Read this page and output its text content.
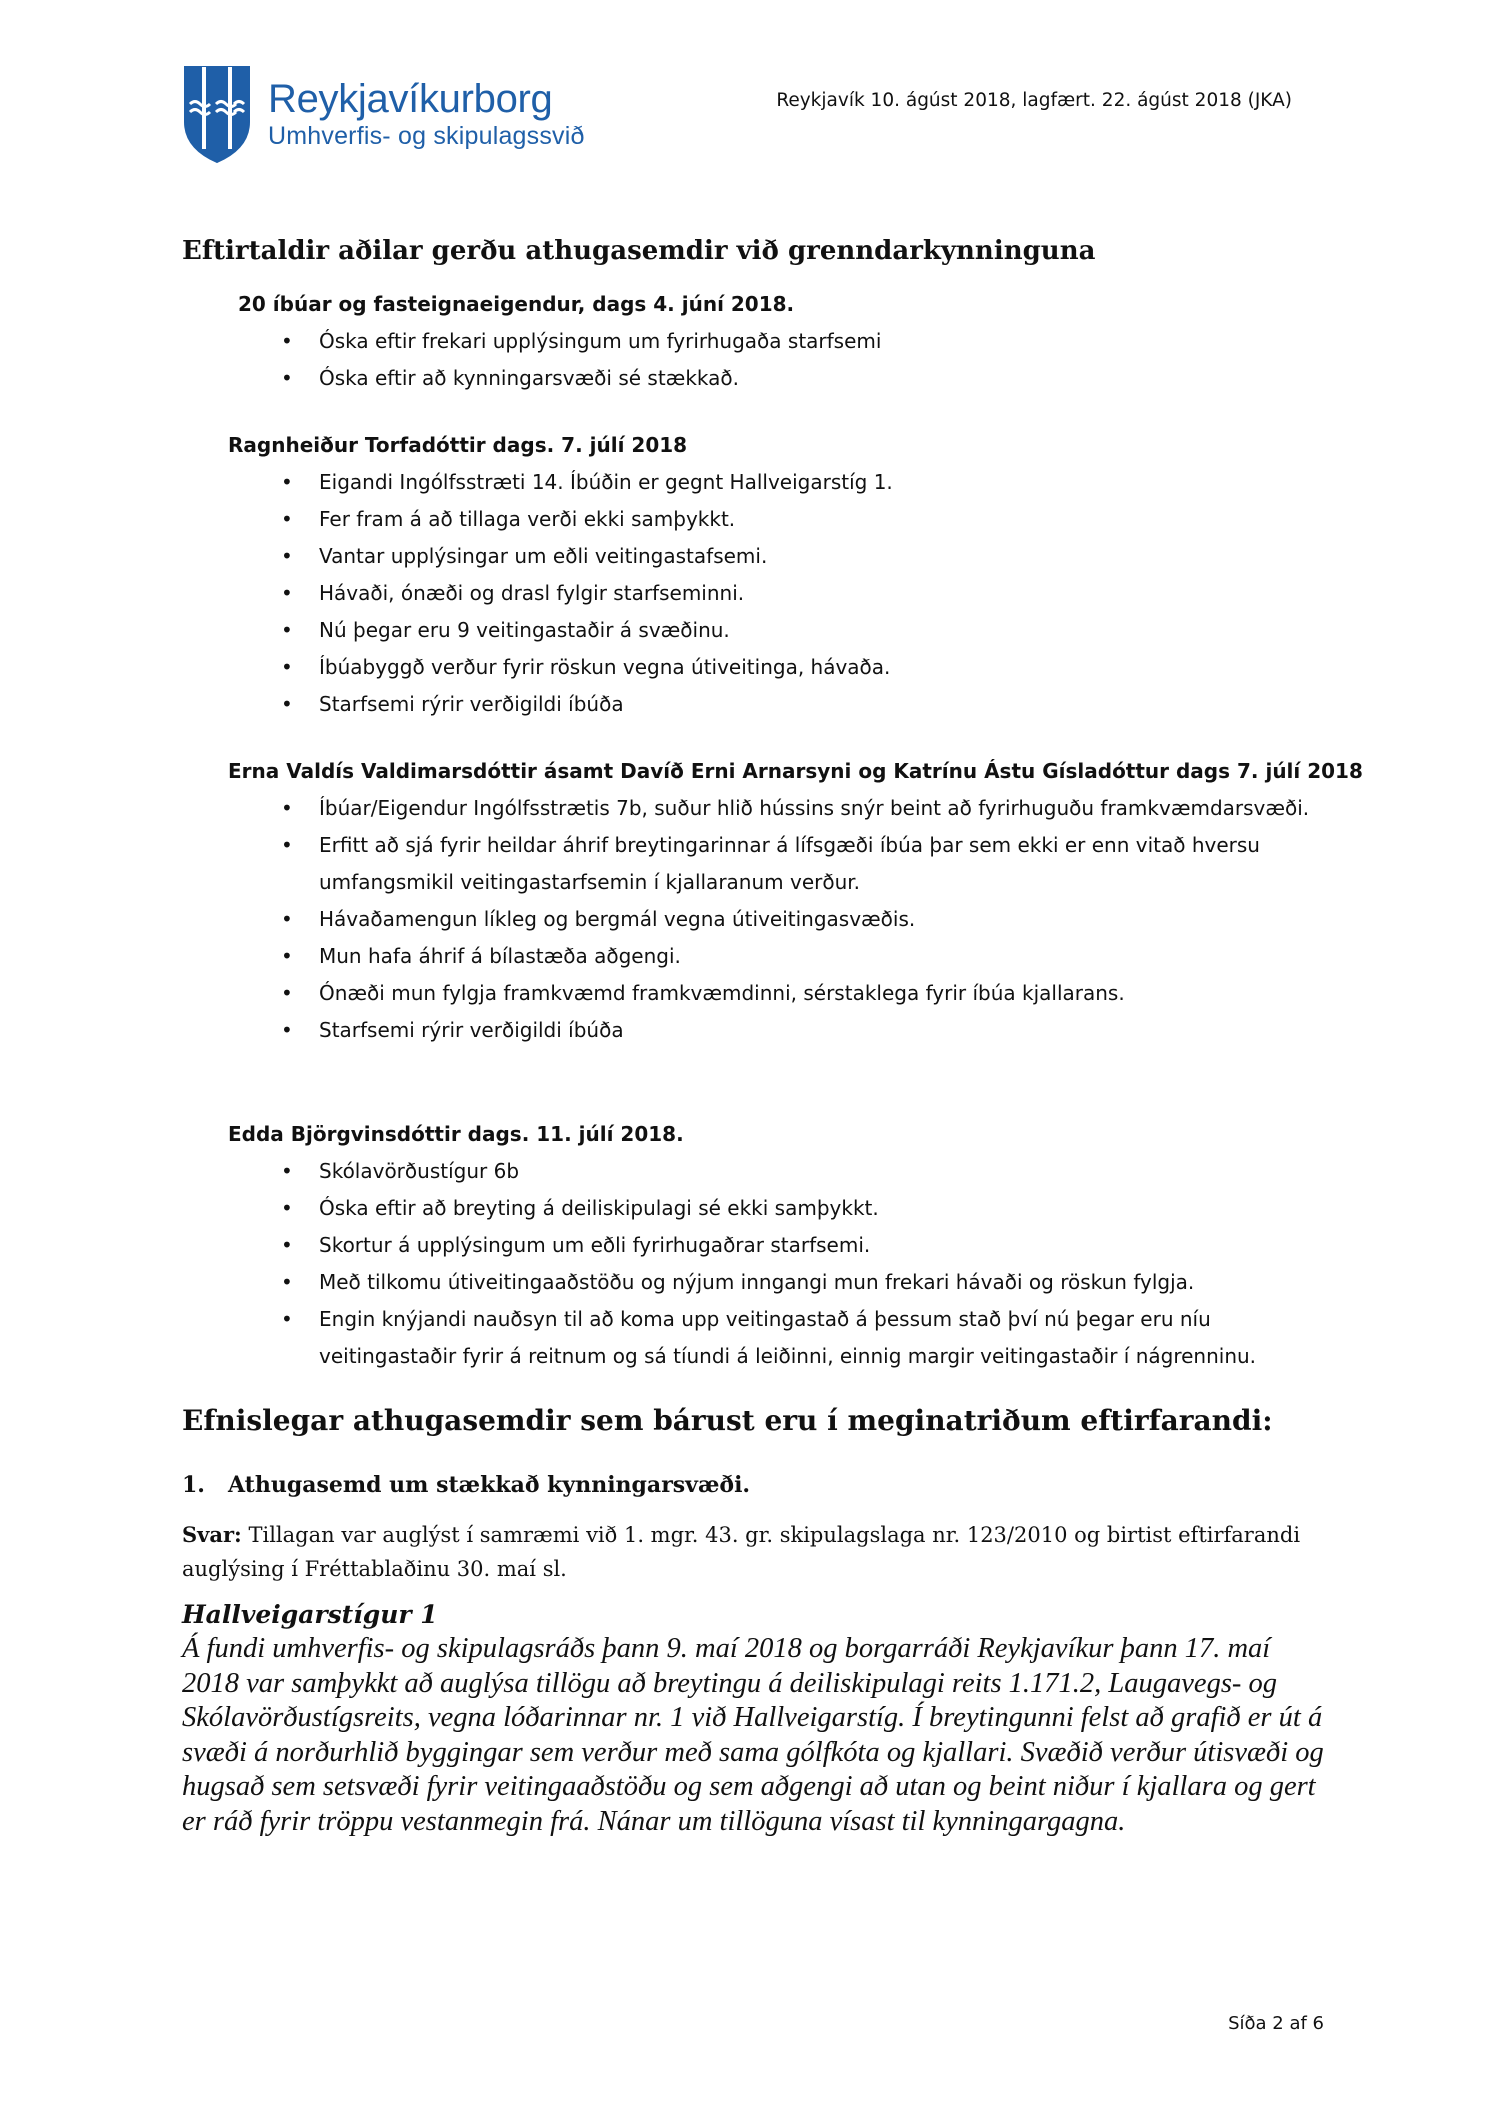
Reykjavíkurborg
Umhverfis- og skipulagssvið
Reykjavík 10. ágúst 2018, lagfært. 22. ágúst 2018 (JKA)
Eftirtaldir aðilar gerðu athugasemdir við grenndarkynninguna
20 íbúar og fasteignaeigendur, dags 4. júní 2018.
• Óska eftir frekari upplýsingum um fyrirhugaða starfsemi
• Óska eftir að kynningarsvæði sé stækkað.
Ragnheiður Torfadóttir dags. 7. júlí 2018
• Eigandi Ingólfsstræti 14. Íbúðin er gegnt Hallveigarstíg 1.
• Fer fram á að tillaga verði ekki samþykkt.
• Vantar upplýsingar um eðli veitingastafsemi.
• Hávaði, ónæði og drasl fylgir starfseminni.
• Nú þegar eru 9 veitingastaðir á svæðinu.
• Íbúabyggð verður fyrir röskun vegna útiveitinga, hávaða.
• Starfsemi rýrir verðigildi íbúða
Erna Valdís Valdimarsdóttir ásamt Davíð Erni Arnarsyni og Katrínu Ástu Gísladóttur dags 7. júlí 2018
• Íbúar/Eigendur Ingólfsstrætis 7b, suður hlið hússins snýr beint að fyrirhuguðu framkvæmdarsvæði.
• Erfitt að sjá fyrir heildar áhrif breytingarinnar á lífsgæði íbúa þar sem ekki er enn vitað hversu umfangsmikil veitingastarfsemin í kjallaranum verður.
• Hávaðamengun líkleg og bergmál vegna útiveitingasvæðis.
• Mun hafa áhrif á bílastæða aðgengi.
• Ónæði mun fylgja framkvæmd framkvæmdinni, sérstaklega fyrir íbúa kjallarans.
• Starfsemi rýrir verðigildi íbúða
Edda Björgvinsdóttir dags. 11. júlí 2018.
• Skólavörðustígur 6b
• Óska eftir að breyting á deiliskipulagi sé ekki samþykkt.
• Skortur á upplýsingum um eðli fyrirhugaðrar starfsemi.
• Með tilkomu útiveitingaaðstöðu og nýjum inngangi mun frekari hávaði og röskun fylgja.
• Engin knýjandi nauðsyn til að koma upp veitingastað á þessum stað því nú þegar eru níu veitingastaðir fyrir á reitnum og sá tíundi á leiðinni, einnig margir veitingastaðir í nágrenninu.
Efnislegar athugasemdir sem bárust eru í meginatriðum eftirfarandi:
1. Athugasemd um stækkað kynningarsvæði.
Svar: Tillagan var auglýst í samræmi við 1. mgr. 43. gr. skipulagslaga nr. 123/2010 og birtist eftirfarandi auglýsing í Fréttablaðinu 30. maí sl.
Hallveigarstígur 1
Á fundi umhverfis- og skipulagsráðs þann 9. maí 2018 og borgarráði Reykjavíkur þann 17. maí 2018 var samþykkt að auglýsa tillögu að breytingu á deiliskipulagi reits 1.171.2, Laugavegs- og Skólavörðustígsreits, vegna lóðarinnar nr. 1 við Hallveigarstíg. Í breytingunni felst að grafið er út á svæði á norðurhlið byggingar sem verður með sama gólfkóta og kjallari. Svæðið verður útisvæði og hugsað sem setsvæði fyrir veitingaaðstöðu og sem aðgengi að utan og beint niður í kjallara og gert er ráð fyrir tröppu vestanmegin frá. Nánar um tillöguna vísast til kynningargagna.
Síða 2 af 6
